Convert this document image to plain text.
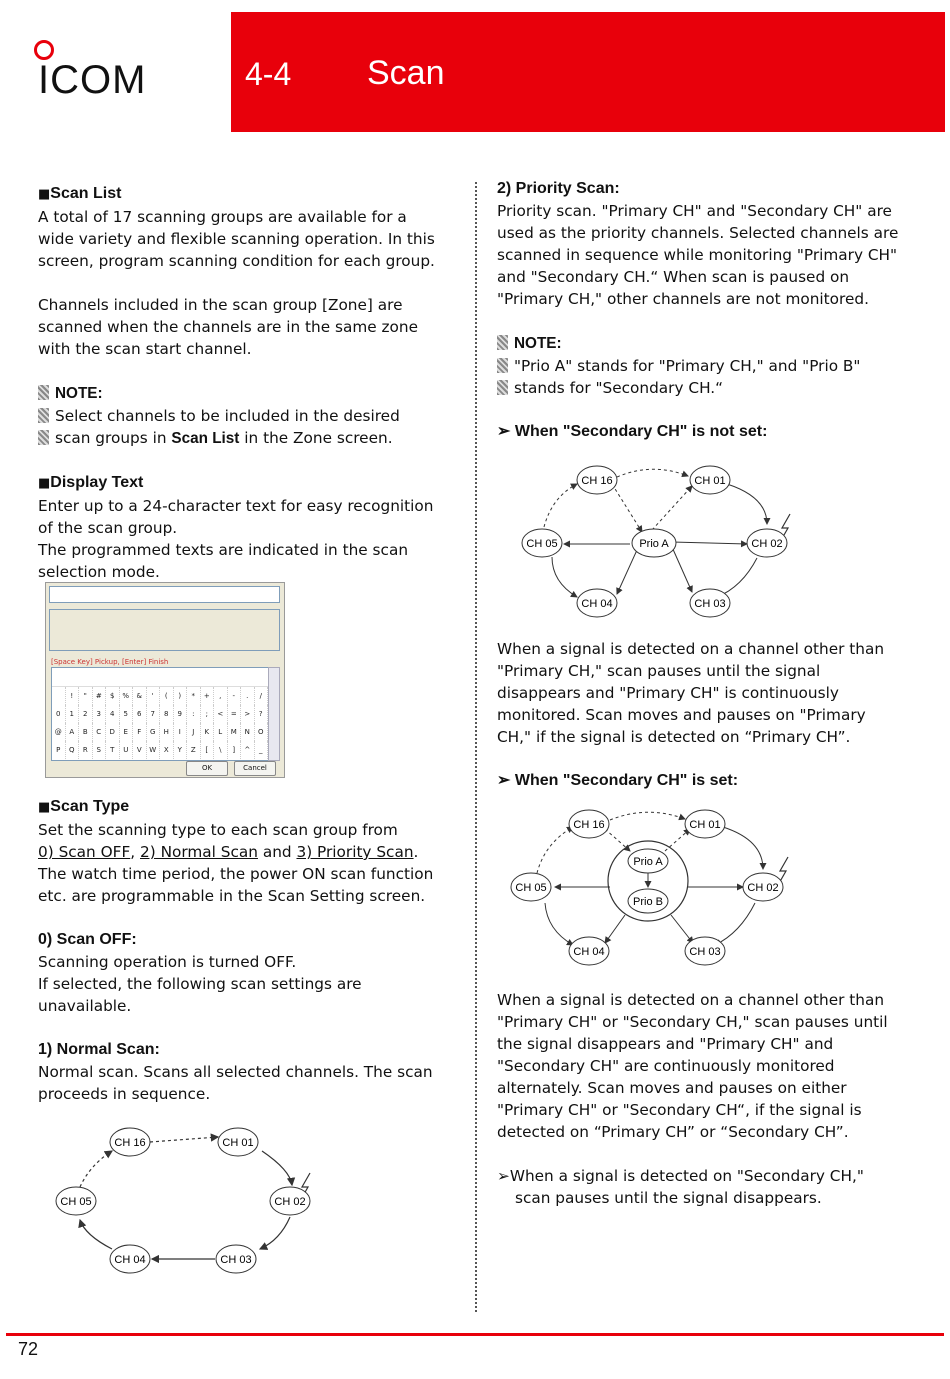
ICOM	4-4 Scan

■Scan List

A total of 17 scanning groups are available for a

wide variety and flexible scanning operation. In this

screen, program scanning condition for each group.

Channels included in the scan group [Zone] are

scanned when the channels are in the same zone

with the scan start channel.

NOTE:

Select channels to be included in the desired

scan groups in Scan List in the Zone screen.

■Display Text

Enter up to a 24-character text for easy recognition

of the scan group.

The programmed texts are indicated in the scan

selection mode.

[Space Key] Pickup, [Enter] Finish
!	"	#	$	%	&	'	(	)	*	+	,	-	.	/
0	1	2	3	4	5	6	7	8	9	:	;	<	=	>	?
@	A	B	C	D	E	F	G	H	I	J	K	L	M	N	O
P	Q	R	S	T	U	V	W	X	Y	Z	[	\	]	^	_
OK	Cancel

■Scan Type

Set the scanning type to each scan group from

0) Scan OFF, 2) Normal Scan and 3) Priority Scan.

The watch time period, the power ON scan function

etc. are programmable in the Scan Setting screen.

0) Scan OFF:

Scanning operation is turned OFF.

If selected, the following scan settings are

unavailable.

1) Normal Scan:

Normal scan. Scans all selected channels. The scan

proceeds in sequence.

CH 16	CH 01
CH 02
CH 03
CH 04
CH 05

2) Priority Scan:

Priority scan. "Primary CH" and "Secondary CH" are

used as the priority channels. Selected channels are

scanned in sequence while monitoring "Primary CH"

and "Secondary CH.“ When scan is paused on

"Primary CH," other channels are not monitored.

NOTE:

"Prio A" stands for "Primary CH," and "Prio B"

stands for "Secondary CH.“

➢ When "Secondary CH" is not set:

CH 16	CH 01
CH 02
CH 03
CH 04
CH 05	Prio A

When a signal is detected on a channel other than

"Primary CH," scan pauses until the signal

disappears and "Primary CH" is continuously

monitored. Scan moves and pauses on "Primary

CH," if the signal is detected on “Primary CH”.

➢ When "Secondary CH" is set:

CH 16	CH 01
CH 02
CH 03
CH 04
CH 05
Prio A
Prio B

When a signal is detected on a channel other than

"Primary CH" or "Secondary CH," scan pauses until

the signal disappears and "Primary CH" and

"Secondary CH" are continuously monitored

alternately. Scan moves and pauses on either

"Primary CH" or "Secondary CH“, if the signal is

detected on “Primary CH” or “Secondary CH”.

➢When a signal is detected on "Secondary CH,"

scan pauses until the signal disappears.

72
